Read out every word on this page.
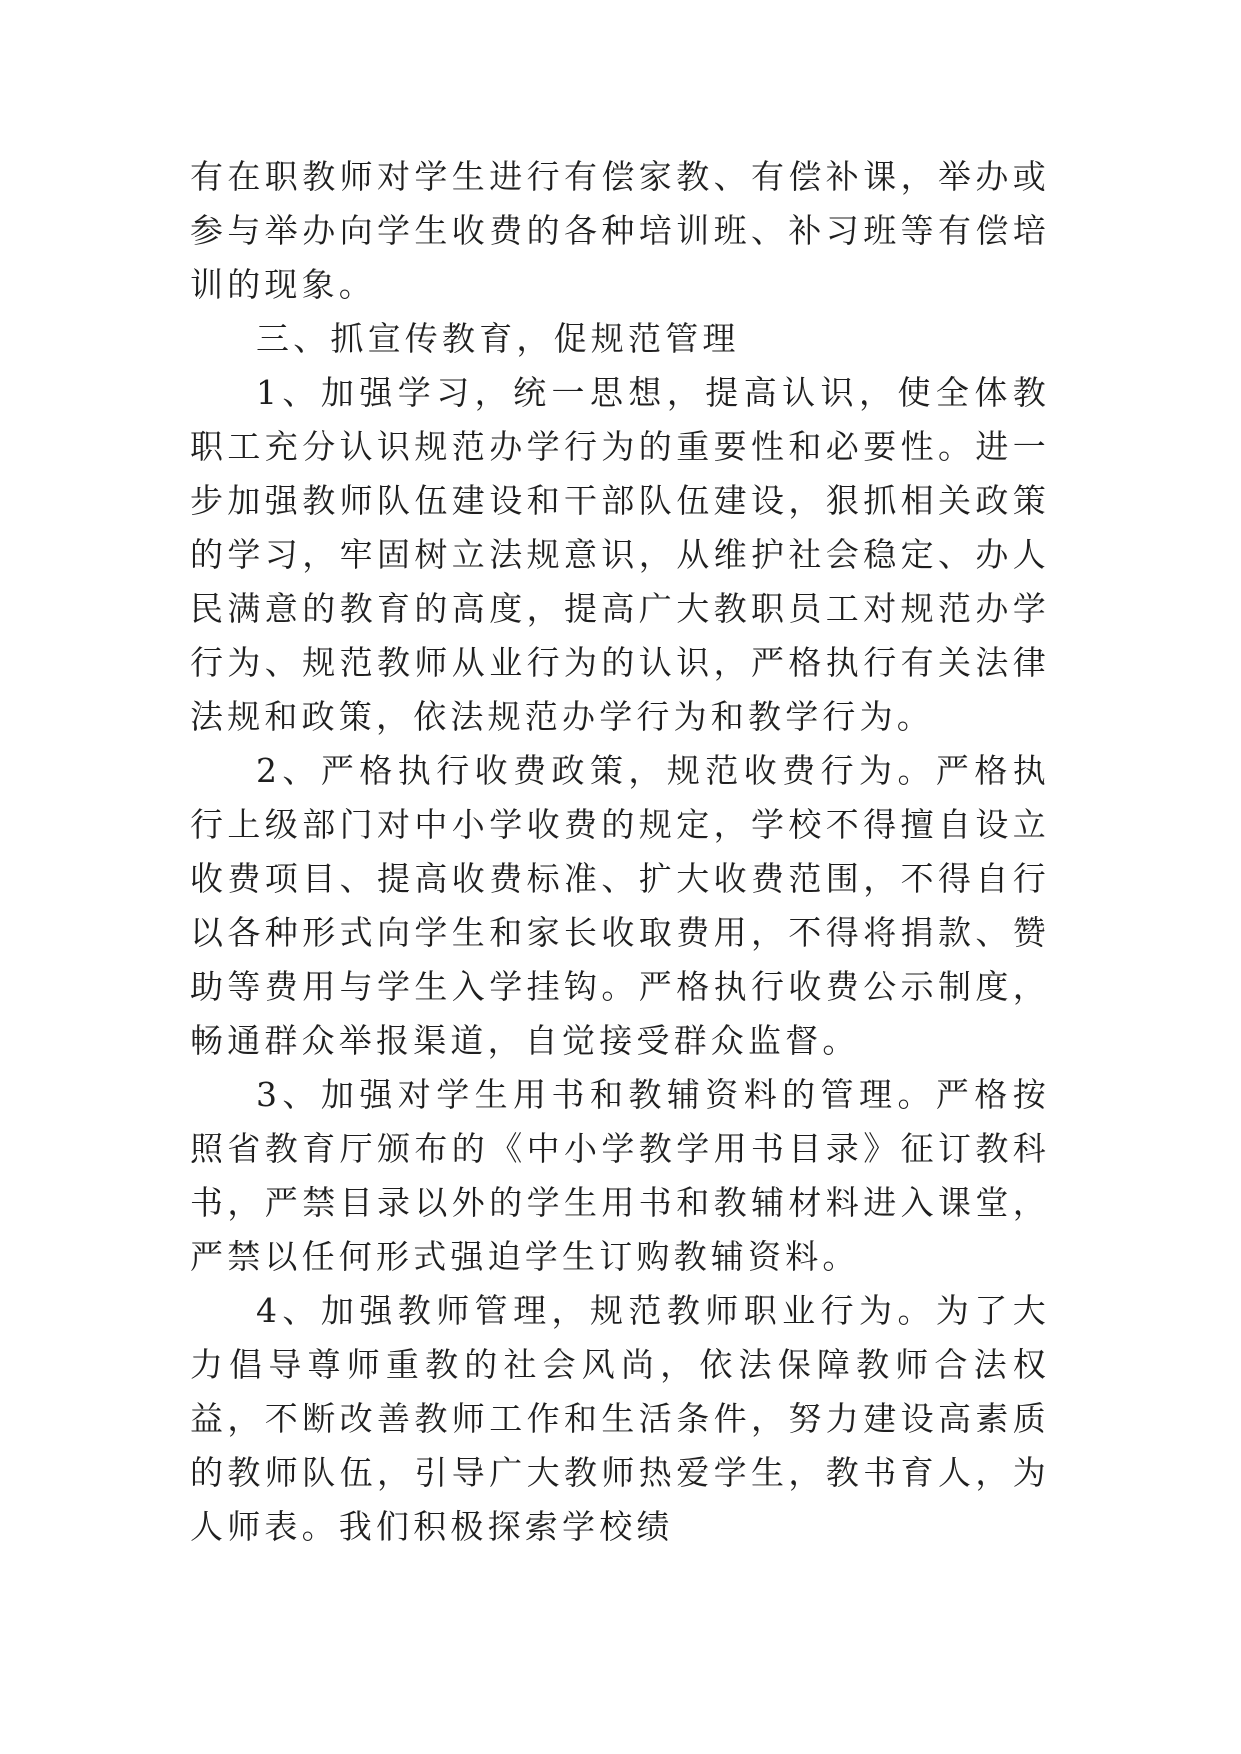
有在职教师对学生进行有偿家教、有偿补课，举办或参与举办向学生收费的各种培训班、补习班等有偿培训的现象。

三、抓宣传教育，促规范管理

1、加强学习，统一思想，提高认识，使全体教职工充分认识规范办学行为的重要性和必要性。进一步加强教师队伍建设和干部队伍建设，狠抓相关政策的学习，牢固树立法规意识，从维护社会稳定、办人民满意的教育的高度，提高广大教职员工对规范办学行为、规范教师从业行为的认识，严格执行有关法律法规和政策，依法规范办学行为和教学行为。

2、严格执行收费政策，规范收费行为。严格执行上级部门对中小学收费的规定，学校不得擅自设立收费项目、提高收费标准、扩大收费范围，不得自行以各种形式向学生和家长收取费用，不得将捐款、赞助等费用与学生入学挂钩。严格执行收费公示制度，畅通群众举报渠道，自觉接受群众监督。

3、加强对学生用书和教辅资料的管理。严格按照省教育厅颁布的《中小学教学用书目录》征订教科书，严禁目录以外的学生用书和教辅材料进入课堂，严禁以任何形式强迫学生订购教辅资料。

4、加强教师管理，规范教师职业行为。为了大力倡导尊师重教的社会风尚，依法保障教师合法权益，不断改善教师工作和生活条件，努力建设高素质的教师队伍，引导广大教师热爱学生，教书育人，为人师表。我们积极探索学校绩
